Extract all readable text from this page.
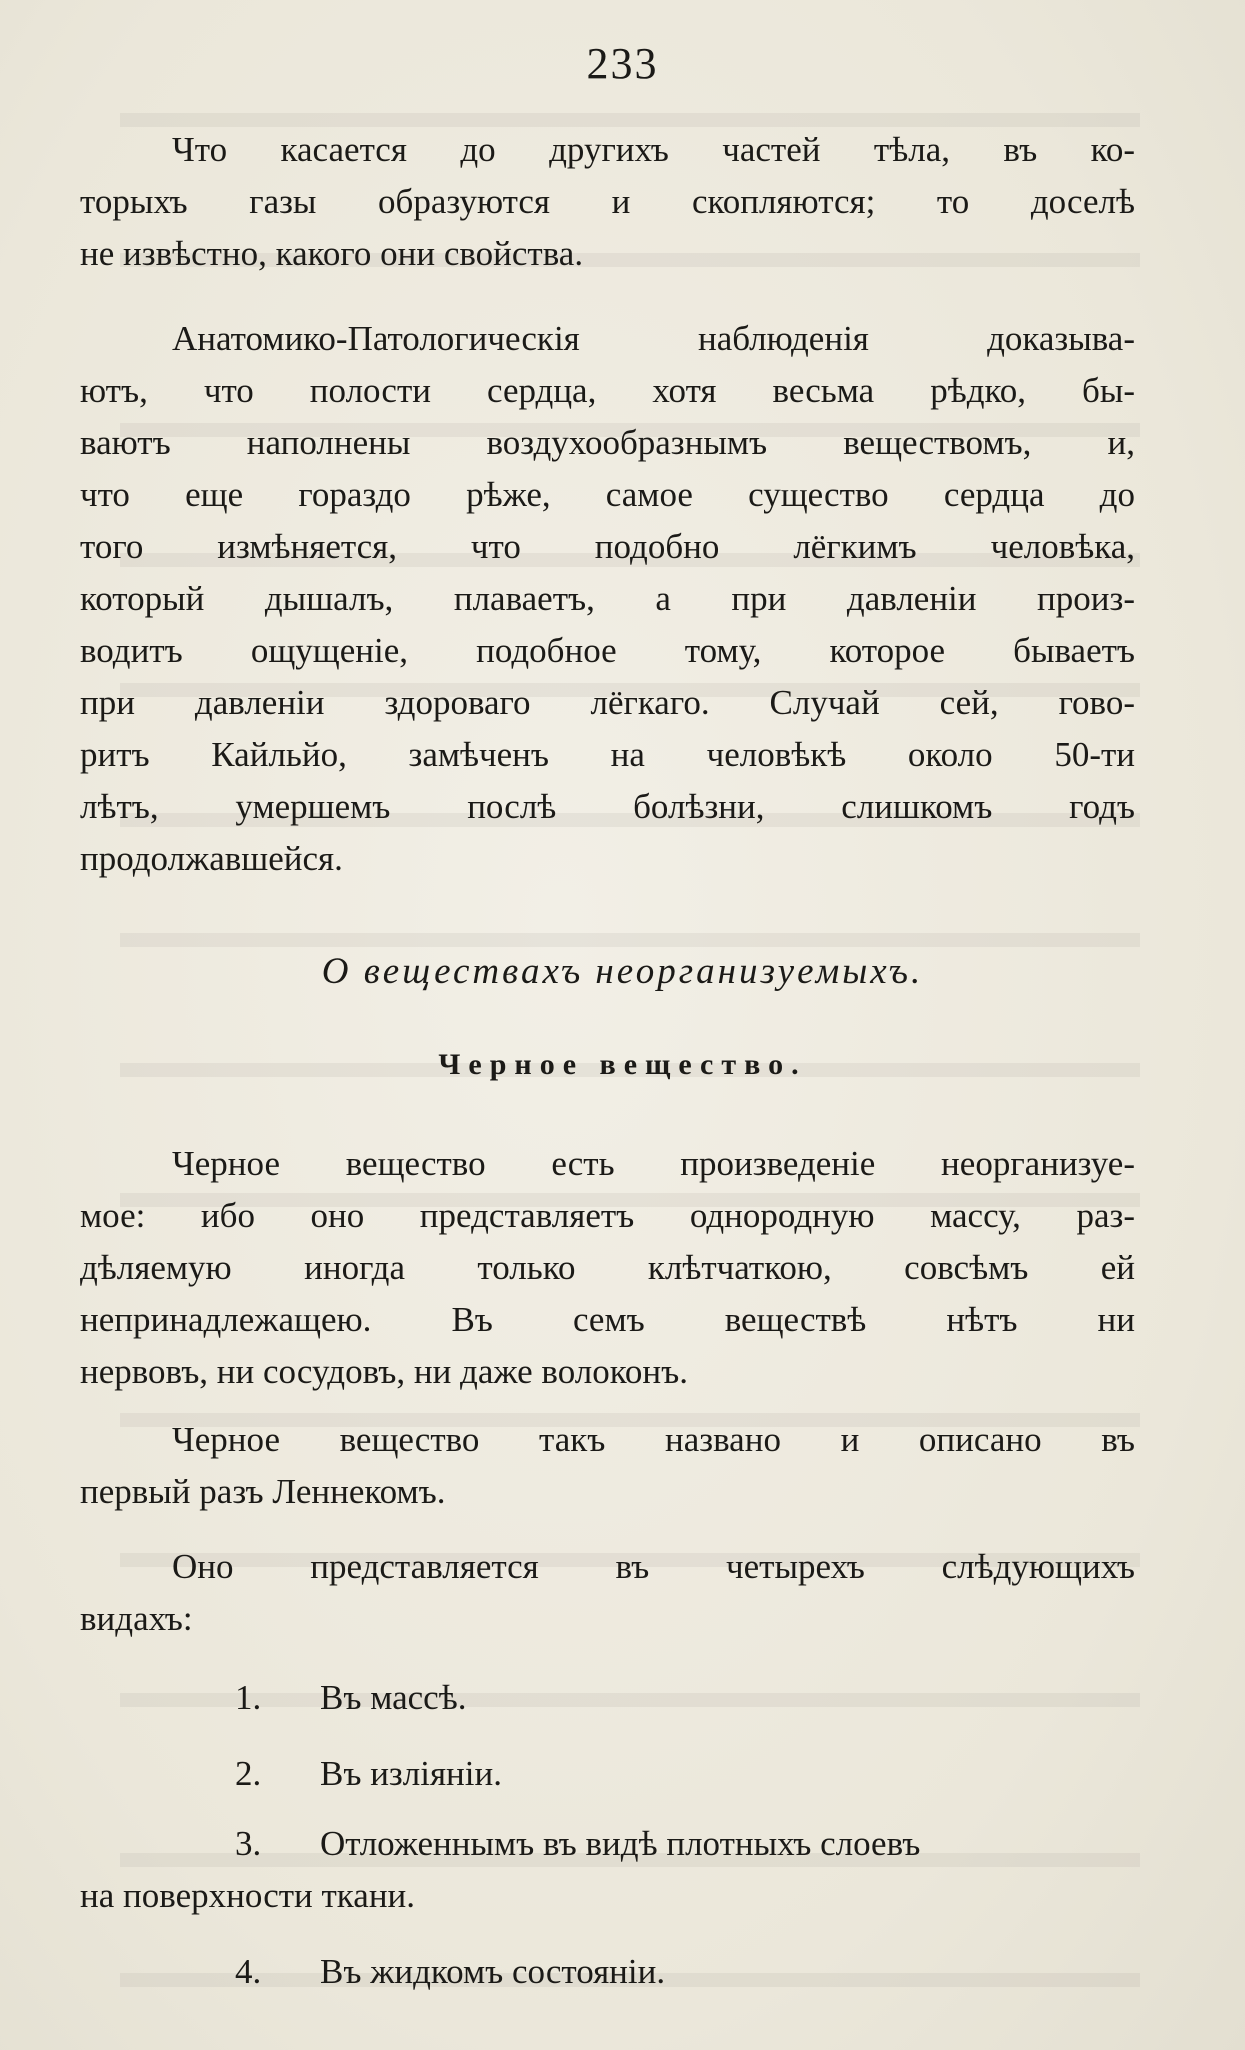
233
Что касается до другихъ частей тѣла, въ ко-
торыхъ газы образуются и скопляются; то доселѣ
не извѣстно, какого они свойства.
Анатомико-Патологическія наблюденія доказыва-
ютъ, что полости сердца, хотя весьма рѣдко, бы-
ваютъ наполнены воздухообразнымъ веществомъ, и,
что еще гораздо рѣже, самое существо сердца до
того измѣняется, что подобно лёгкимъ человѣка,
который дышалъ, плаваетъ, а при давленіи произ-
водитъ ощущеніе, подобное тому, которое бываетъ
при давленіи здороваго лёгкаго. Случай сей, гово-
ритъ Кайльйо, замѣченъ на человѣкѣ около 50-ти
лѣтъ, умершемъ послѣ болѣзни, слишкомъ годъ
продолжавшейся.
О веществахъ неорганизуемыхъ.
Черное вещество.
Черное вещество есть произведеніе неорганизуе-
мое: ибо оно представляетъ однородную массу, раз-
дѣляемую иногда только клѣтчаткою, совсѣмъ ей
непринадлежащею. Въ семъ веществѣ нѣтъ ни
нервовъ, ни сосудовъ, ни даже волоконъ.
Черное вещество такъ названо и описано въ
первый разъ Леннекомъ.
Оно представляется въ четырехъ слѣдующихъ
видахъ:
1. Въ массѣ.
2. Въ изліяніи.
3. Отложеннымъ въ видѣ плотныхъ слоевъ
на поверхности ткани.
4. Въ жидкомъ состояніи.
